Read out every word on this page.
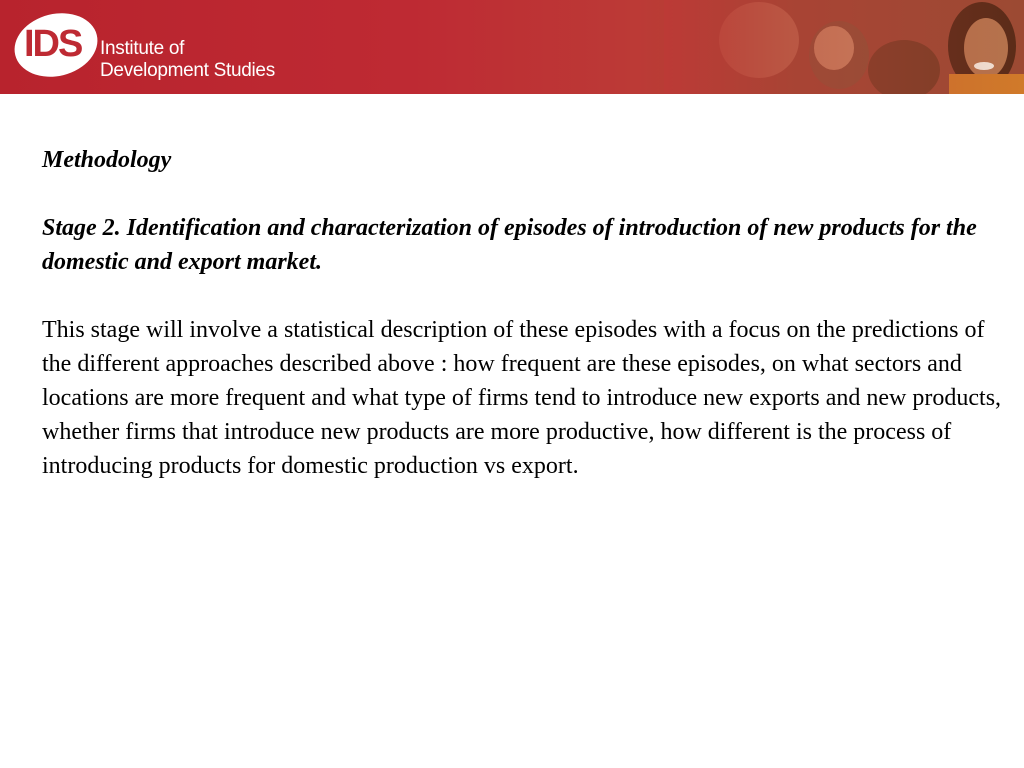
IDS Institute of
Development Studies

Methodology

Stage 2. Identification and characterization of episodes of introduction of new products for the domestic and export market.

This stage will involve a statistical description of these episodes with a focus on the predictions of the different approaches described above : how frequent are these episodes, on what sectors and locations are more frequent and what type of firms tend to introduce new exports and new products, whether firms that introduce new products are more productive, how different is the process of introducing products for domestic production vs export.
